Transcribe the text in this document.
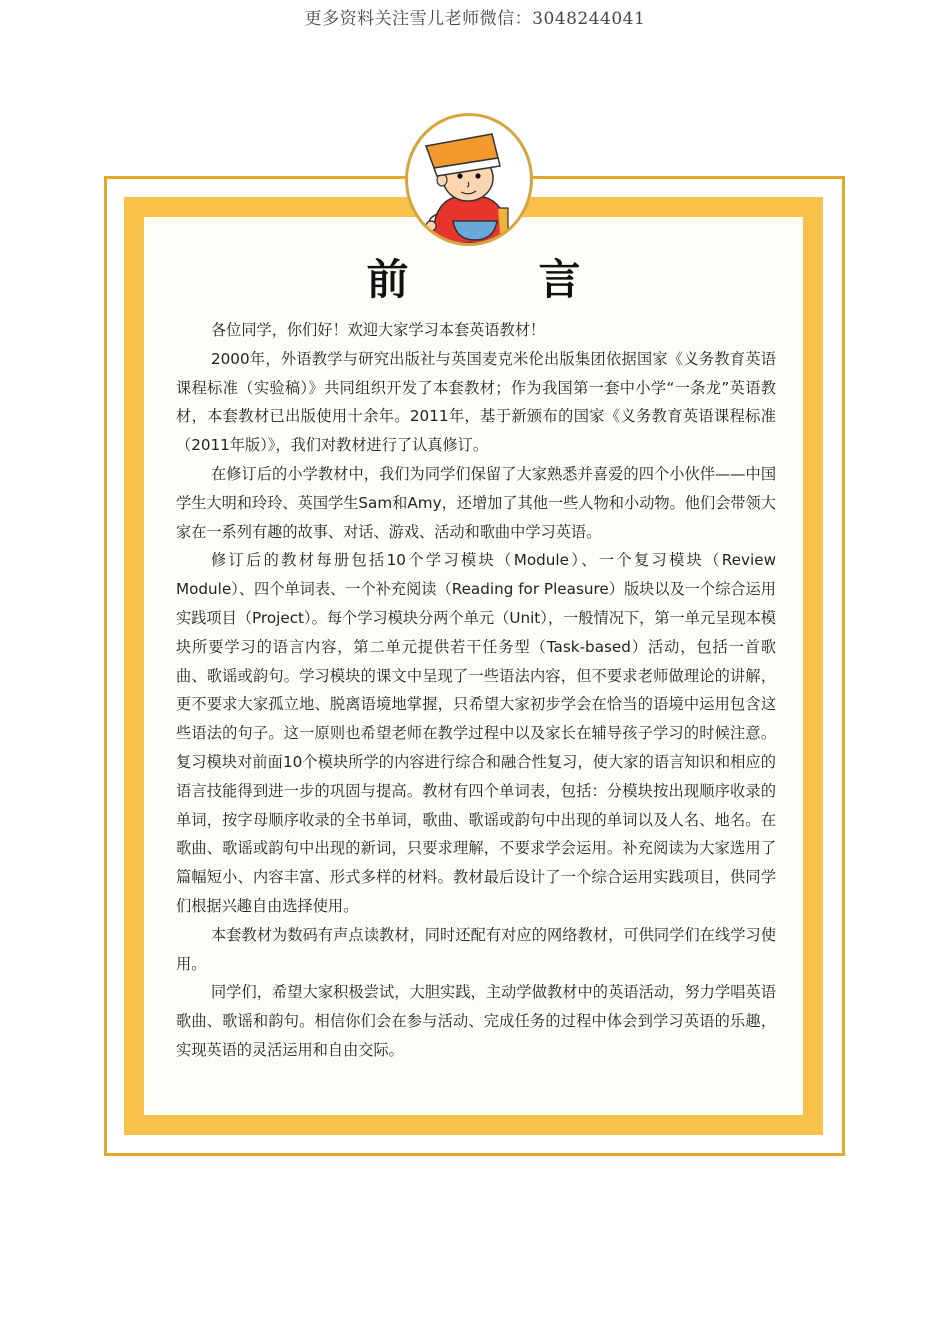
更多资料关注雪儿老师微信：3048244041
前言

各位同学，你们好！欢迎大家学习本套英语教材！

2000年，外语教学与研究出版社与英国麦克米伦出版集团依据国家《义务教育英语课程标准（实验稿）》共同组织开发了本套教材；作为我国第一套中小学“一条龙”英语教材，本套教材已出版使用十余年。2011年，基于新颁布的国家《义务教育英语课程标准（2011年版）》，我们对教材进行了认真修订。

在修订后的小学教材中，我们为同学们保留了大家熟悉并喜爱的四个小伙伴——中国学生大明和玲玲、英国学生Sam和Amy，还增加了其他一些人物和小动物。他们会带领大家在一系列有趣的故事、对话、游戏、活动和歌曲中学习英语。

修订后的教材每册包括10个学习模块（Module）、一个复习模块（Review Module）、四个单词表、一个补充阅读（Reading for Pleasure）版块以及一个综合运用实践项目（Project）。每个学习模块分两个单元（Unit），一般情况下，第一单元呈现本模块所要学习的语言内容，第二单元提供若干任务型（Task-based）活动，包括一首歌曲、歌谣或韵句。学习模块的课文中呈现了一些语法内容，但不要求老师做理论的讲解，更不要求大家孤立地、脱离语境地掌握，只希望大家初步学会在恰当的语境中运用包含这些语法的句子。这一原则也希望老师在教学过程中以及家长在辅导孩子学习的时候注意。复习模块对前面10个模块所学的内容进行综合和融合性复习，使大家的语言知识和相应的语言技能得到进一步的巩固与提高。教材有四个单词表，包括：分模块按出现顺序收录的单词，按字母顺序收录的全书单词，歌曲、歌谣或韵句中出现的单词以及人名、地名。在歌曲、歌谣或韵句中出现的新词，只要求理解，不要求学会运用。补充阅读为大家选用了篇幅短小、内容丰富、形式多样的材料。教材最后设计了一个综合运用实践项目，供同学们根据兴趣自由选择使用。

本套教材为数码有声点读教材，同时还配有对应的网络教材，可供同学们在线学习使用。

同学们，希望大家积极尝试，大胆实践，主动学做教材中的英语活动，努力学唱英语歌曲、歌谣和韵句。相信你们会在参与活动、完成任务的过程中体会到学习英语的乐趣，实现英语的灵活运用和自由交际。
